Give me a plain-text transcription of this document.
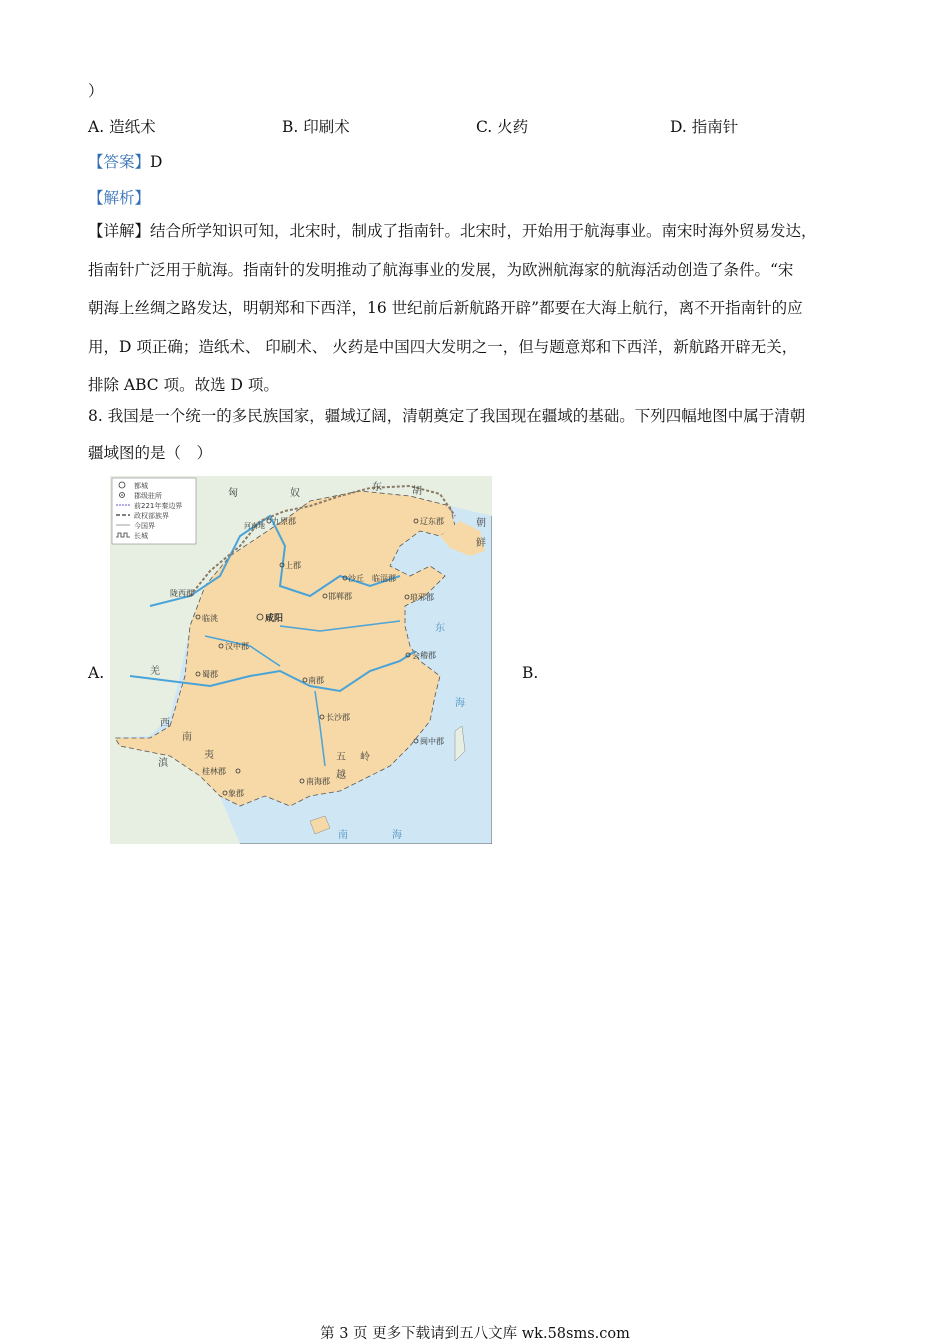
）
A. 造纸术	B. 印刷术	C. 火药	D. 指南针
【答案】D
【解析】
【详解】结合所学知识可知，北宋时，制成了指南针。北宋时，开始用于航海事业。南宋时海外贸易发达，
指南针广泛用于航海。指南针的发明推动了航海事业的发展，为欧洲航海家的航海活动创造了条件。“宋
朝海上丝绸之路发达，明朝郑和下西洋，16 世纪前后新航路开辟”都要在大海上航行，离不开指南针的应
用，D 项正确；造纸术、 印刷术、 火药是中国四大发明之一，但与题意郑和下西洋，新航路开辟无关，
排除 ABC 项。故选 D 项。
8. 我国是一个统一的多民族国家，疆域辽阔，清朝奠定了我国现在疆域的基础。下列四幅地图中属于清朝
疆域图的是（　）
A.	B.
都城
郡级驻所
前221年秦边界
政权部族界
今国界
长城
匈	奴
东	胡
朝
鲜
羌
西
南
夷
滇
越
东
海
南	海
五 岭
九原郡	辽东郡
河南地
上郡
沙丘 临淄郡
邯郸郡	琅邪郡
陇西郡
临洮	咸阳
汉中郡
蜀郡
南郡
会稽郡
长沙郡
闽中郡
桂林郡
象郡
南海郡
第 3 页 更多下载请到五八文库 wk.58sms.com
